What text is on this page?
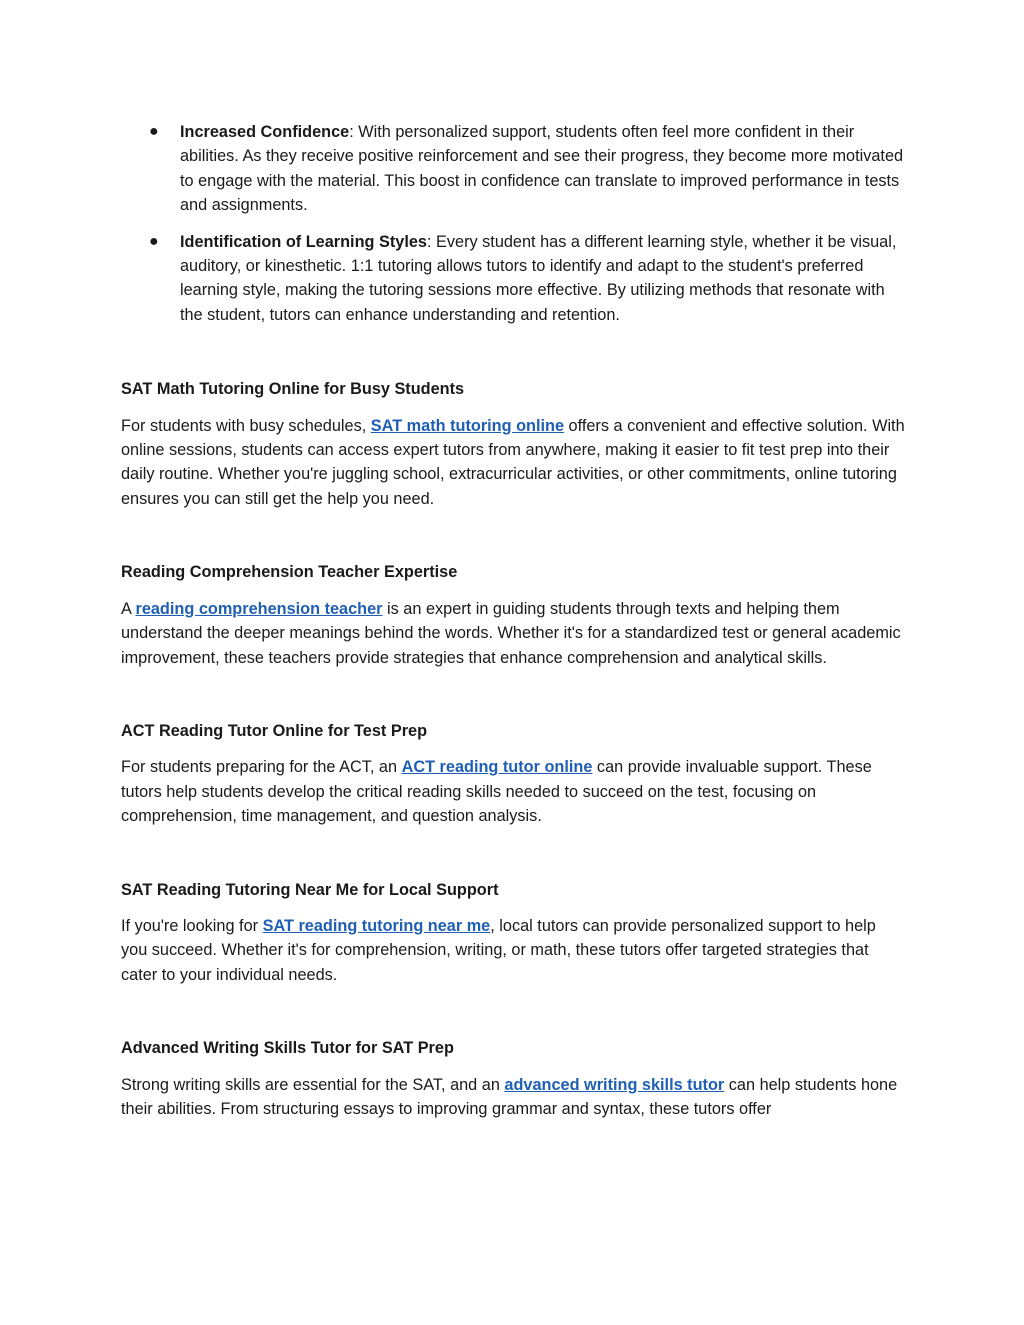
● Increased Confidence: With personalized support, students often feel more confident in their abilities. As they receive positive reinforcement and see their progress, they become more motivated to engage with the material. This boost in confidence can translate to improved performance in tests and assignments.
● Identification of Learning Styles: Every student has a different learning style, whether it be visual, auditory, or kinesthetic. 1:1 tutoring allows tutors to identify and adapt to the student's preferred learning style, making the tutoring sessions more effective. By utilizing methods that resonate with the student, tutors can enhance understanding and retention.
SAT Math Tutoring Online for Busy Students

For students with busy schedules, SAT math tutoring online offers a convenient and effective solution. With online sessions, students can access expert tutors from anywhere, making it easier to fit test prep into their daily routine. Whether you're juggling school, extracurricular activities, or other commitments, online tutoring ensures you can still get the help you need.

Reading Comprehension Teacher Expertise

A reading comprehension teacher is an expert in guiding students through texts and helping them understand the deeper meanings behind the words. Whether it's for a standardized test or general academic improvement, these teachers provide strategies that enhance comprehension and analytical skills.

ACT Reading Tutor Online for Test Prep

For students preparing for the ACT, an ACT reading tutor online can provide invaluable support. These tutors help students develop the critical reading skills needed to succeed on the test, focusing on comprehension, time management, and question analysis.

SAT Reading Tutoring Near Me for Local Support

If you're looking for SAT reading tutoring near me, local tutors can provide personalized support to help you succeed. Whether it's for comprehension, writing, or math, these tutors offer targeted strategies that cater to your individual needs.

Advanced Writing Skills Tutor for SAT Prep

Strong writing skills are essential for the SAT, and an advanced writing skills tutor can help students hone their abilities. From structuring essays to improving grammar and syntax, these tutors offer
